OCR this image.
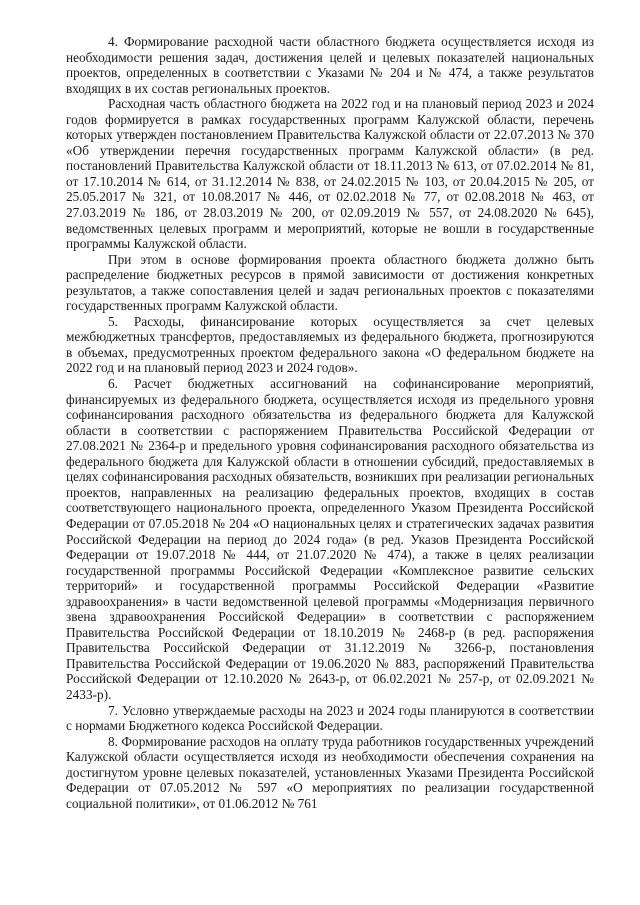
4. Формирование расходной части областного бюджета осуществляется исходя из необходимости решения задач, достижения целей и целевых показателей национальных проектов, определенных в соответствии с Указами № 204 и № 474, а также результатов входящих в их состав региональных проектов.

Расходная часть областного бюджета на 2022 год и на плановый период 2023 и 2024 годов формируется в рамках государственных программ Калужской области, перечень которых утвержден постановлением Правительства Калужской области от 22.07.2013 № 370 «Об утверждении перечня государственных программ Калужской области» (в ред. постановлений Правительства Калужской области от 18.11.2013 № 613, от 07.02.2014 № 81, от 17.10.2014 № 614, от 31.12.2014 № 838, от 24.02.2015 № 103, от 20.04.2015 № 205, от 25.05.2017 № 321, от 10.08.2017 № 446, от 02.02.2018 № 77, от 02.08.2018 № 463, от 27.03.2019 № 186, от 28.03.2019 № 200, от 02.09.2019 № 557, от 24.08.2020 № 645), ведомственных целевых программ и мероприятий, которые не вошли в государственные программы Калужской области.

При этом в основе формирования проекта областного бюджета должно быть распределение бюджетных ресурсов в прямой зависимости от достижения конкретных результатов, а также сопоставления целей и задач региональных проектов с показателями государственных программ Калужской области.

5. Расходы, финансирование которых осуществляется за счет целевых межбюджетных трансфертов, предоставляемых из федерального бюджета, прогнозируются в объемах, предусмотренных проектом федерального закона «О федеральном бюджете на 2022 год и на плановый период 2023 и 2024 годов».

6. Расчет бюджетных ассигнований на софинансирование мероприятий, финансируемых из федерального бюджета, осуществляется исходя из предельного уровня софинансирования расходного обязательства из федерального бюджета для Калужской области в соответствии с распоряжением Правительства Российской Федерации от 27.08.2021 № 2364-р и предельного уровня софинансирования расходного обязательства из федерального бюджета для Калужской области в отношении субсидий, предоставляемых в целях софинансирования расходных обязательств, возникших при реализации региональных проектов, направленных на реализацию федеральных проектов, входящих в состав соответствующего национального проекта, определенного Указом Президента Российской Федерации от 07.05.2018 № 204 «О национальных целях и стратегических задачах развития Российской Федерации на период до 2024 года» (в ред. Указов Президента Российской Федерации от 19.07.2018 № 444, от 21.07.2020 № 474), а также в целях реализации государственной программы Российской Федерации «Комплексное развитие сельских территорий» и государственной программы Российской Федерации «Развитие здравоохранения» в части ведомственной целевой программы «Модернизация первичного звена здравоохранения Российской Федерации» в соответствии с распоряжением Правительства Российской Федерации от 18.10.2019 № 2468-р (в ред. распоряжения Правительства Российской Федерации от 31.12.2019 № 3266-р, постановления Правительства Российской Федерации от 19.06.2020 № 883, распоряжений Правительства Российской Федерации от 12.10.2020 № 2643-р, от 06.02.2021 № 257-р, от 02.09.2021 № 2433-р).

7. Условно утверждаемые расходы на 2023 и 2024 годы планируются в соответствии с нормами Бюджетного кодекса Российской Федерации.

8. Формирование расходов на оплату труда работников государственных учреждений Калужской области осуществляется исходя из необходимости обеспечения сохранения на достигнутом уровне целевых показателей, установленных Указами Президента Российской Федерации от 07.05.2012 № 597 «О мероприятиях по реализации государственной социальной политики», от 01.06.2012 № 761
